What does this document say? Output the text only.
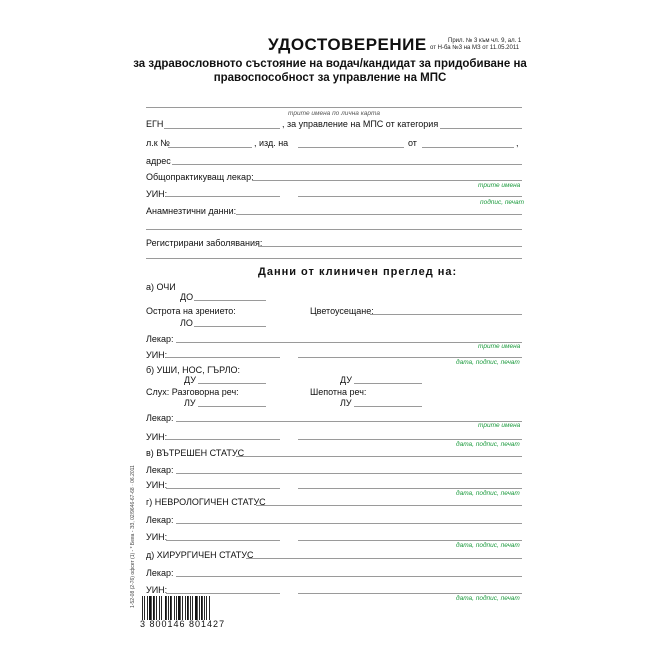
УДОСТОВЕРЕНИЕ	Прил. № 3 към чл. 9, ал. 1
от Н-ба №3 на МЗ от 11.05.2011
за здравословното състояние на водач/кандидат за придобиване на
правоспособност за управление на МПС
трите имена по лична карта
ЕГН	, за управление на МПС от категория
л.к №	, изд. на	от	,
адрес
Общопрактикуващ лекар:
трите имена
УИН:
подпис, печат
Анамнезтични данни:
Регистрирани заболявания:
Данни от клиничен преглед на:
а) ОЧИ
ДО
Острота на зрението:	Цветоусещане:
ЛО
Лекар:
трите имена
УИН:
дата, подпис, печат
б) УШИ, НОС, ГЪРЛО:
ДУ	ДУ
Слух: Разговорна реч:	Шепотна реч:
ЛУ	ЛУ
Лекар:
трите имена
УИН:
дата, подпис, печат
в) ВЪТРЕШЕН СТАТУС
Лекар:
УИН:
дата, подпис, печат
г) НЕВРОЛОГИЧЕН СТАТУС
Лекар:
УИН:
дата, подпис, печат
д) ХИРУРГИЧЕН СТАТУС
Лекар:
УИН:
дата, подпис, печат
1-52-08 (2-76) офсет (1) - * Бева - ЭЗ, 02/9646-67-68 · 06.2011
3 800146 801427
